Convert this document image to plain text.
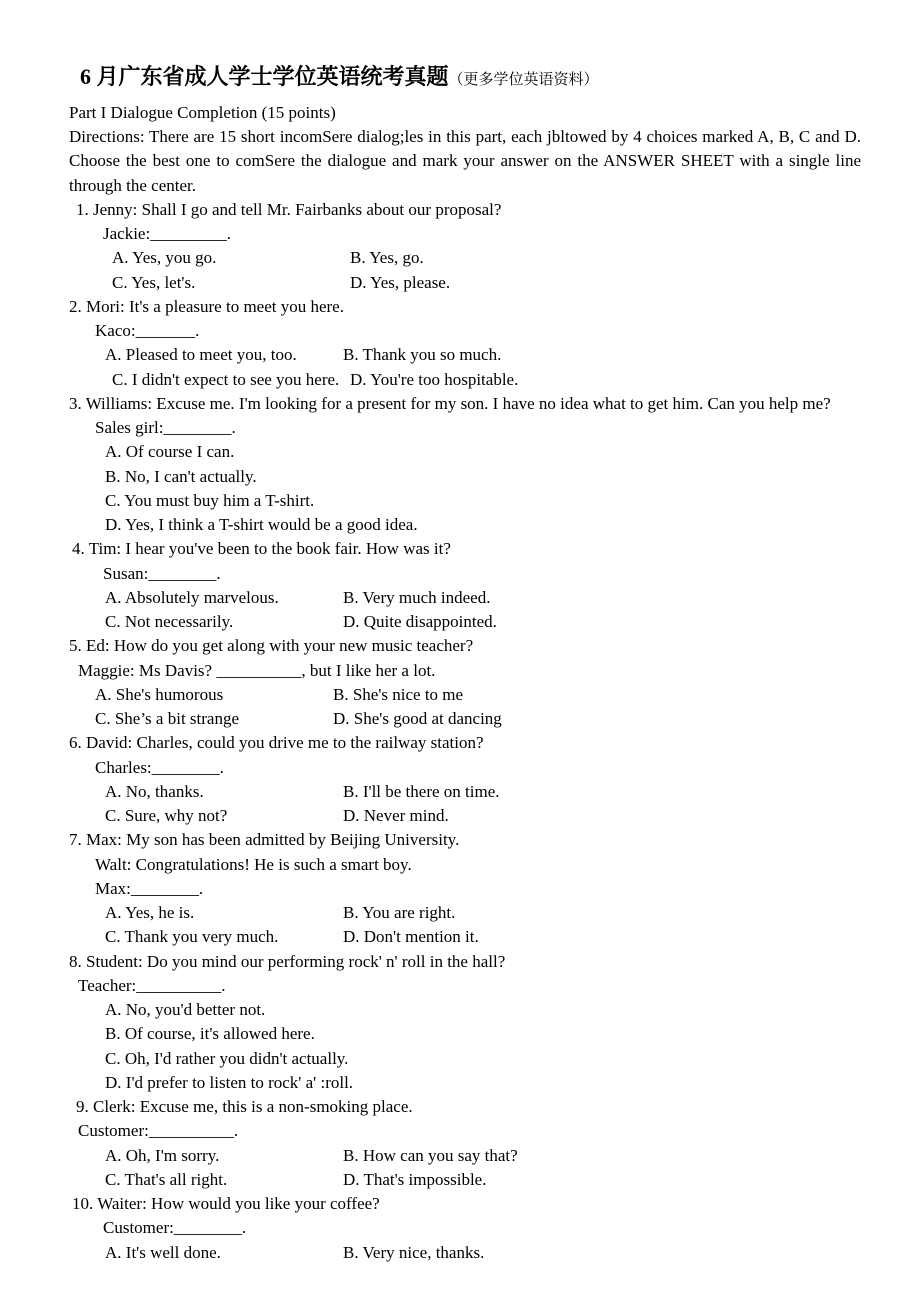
6 月广东省成人学士学位英语统考真题（更多学位英语资料）
Part I Dialogue Completion (15 points)

Directions: There are 15 short incomSere dialog;les in this part, each jbltowed by 4 choices marked A, B, C and D. Choose the best one to comSere the dialogue and mark your answer on the ANSWER SHEET with a single line through the center.

1. Jenny: Shall I go and tell Mr. Fairbanks about our proposal?
Jackie:_________.
A. Yes, you go.	B. Yes, go.
C. Yes, let's.	D. Yes, please.
2. Mori: It's a pleasure to meet you here.
Kaco:_______.
A. Pleased to meet you, too.	B. Thank you so much.
C. I didn't expect to see you here. D. You're too hospitable.
3. Williams: Excuse me. I'm looking for a present for my son. I have no idea what to get him. Can you help me?
Sales girl:________.
A. Of course I can.
B. No, I can't actually.
C. You must buy him a T-shirt.
D. Yes, I think a T-shirt would be a good idea.
4. Tim: I hear you've been to the book fair. How was it?
Susan:________.
A. Absolutely marvelous.	B. Very much indeed.
C. Not necessarily.	D. Quite disappointed.
5. Ed: How do you get along with your new music teacher?
Maggie: Ms Davis? __________, but I like her a lot.
A. She's humorous	B. She's nice to me
C. She’s a bit strange	D. She's good at dancing
6. David: Charles, could you drive me to the railway station?
Charles:________.
A. No, thanks.	B. I'll be there on time.
C. Sure, why not?	D. Never mind.
7. Max: My son has been admitted by Beijing University.
Walt: Congratulations! He is such a smart boy.
Max:________.
A. Yes, he is.	B. You are right.
C. Thank you very much.	D. Don't mention it.
8. Student: Do you mind our performing rock' n' roll in the hall?
Teacher:__________.
A. No, you'd better not.
B. Of course, it's allowed here.
C. Oh, I'd rather you didn't actually.
D. I'd prefer to listen to rock' a' :roll.
9. Clerk: Excuse me, this is a non-smoking place.
Customer:__________.
A. Oh, I'm sorry.	B. How can you say that?
C. That's all right.	D. That's impossible.
10. Waiter: How would you like your coffee?
Customer:________.
A. It's well done.	B. Very nice, thanks.
